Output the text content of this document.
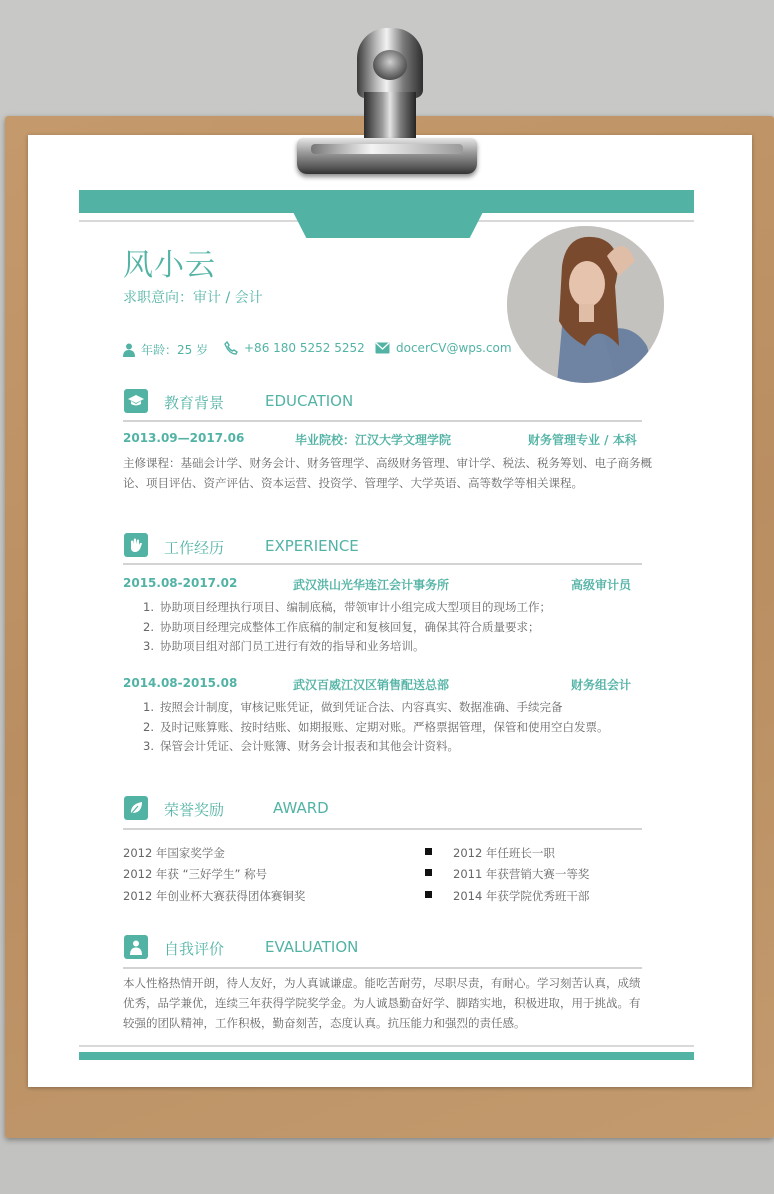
风小云
求职意向：审计 / 会计
年龄：25 岁	+86 180 5252 5252	docerCV@wps.com
教育背景	EDUCATION
2013.09—2017.06	毕业院校：江汉大学文理学院	财务管理专业 / 本科
主修课程：基础会计学、财务会计、财务管理学、高级财务管理、审计学、税法、税务筹划、电子商务概
论、项目评估、资产评估、资本运营、投资学、管理学、大学英语、高等数学等相关课程。
工作经历	EXPERIENCE
2015.08-2017.02	武汉洪山光华连江会计事务所	高级审计员
1. 协助项目经理执行项目、编制底稿，带领审计小组完成大型项目的现场工作；
2. 协助项目经理完成整体工作底稿的制定和复核回复，确保其符合质量要求；
3. 协助项目组对部门员工进行有效的指导和业务培训。
2014.08-2015.08	武汉百威江汉区销售配送总部	财务组会计
1. 按照会计制度，审核记账凭证，做到凭证合法、内容真实、数据准确、手续完备
2. 及时记账算账、按时结账、如期报账、定期对账。严格票据管理，保管和使用空白发票。
3. 保管会计凭证、会计账簿、财务会计报表和其他会计资料。
荣誉奖励	AWARD
2012 年国家奖学金
2012 年获 “三好学生” 称号
2012 年创业杯大赛获得团体赛铜奖
2012 年任班长一职
2011 年获营销大赛一等奖
2014 年获学院优秀班干部
自我评价	EVALUATION
本人性格热情开朗，待人友好，为人真诚谦虚。能吃苦耐劳，尽职尽责，有耐心。学习刻苦认真，成绩
优秀，品学兼优，连续三年获得学院奖学金。为人诚恳勤奋好学、脚踏实地，积极进取，用于挑战。有
较强的团队精神，工作积极，勤奋刻苦，态度认真。抗压能力和强烈的责任感。
